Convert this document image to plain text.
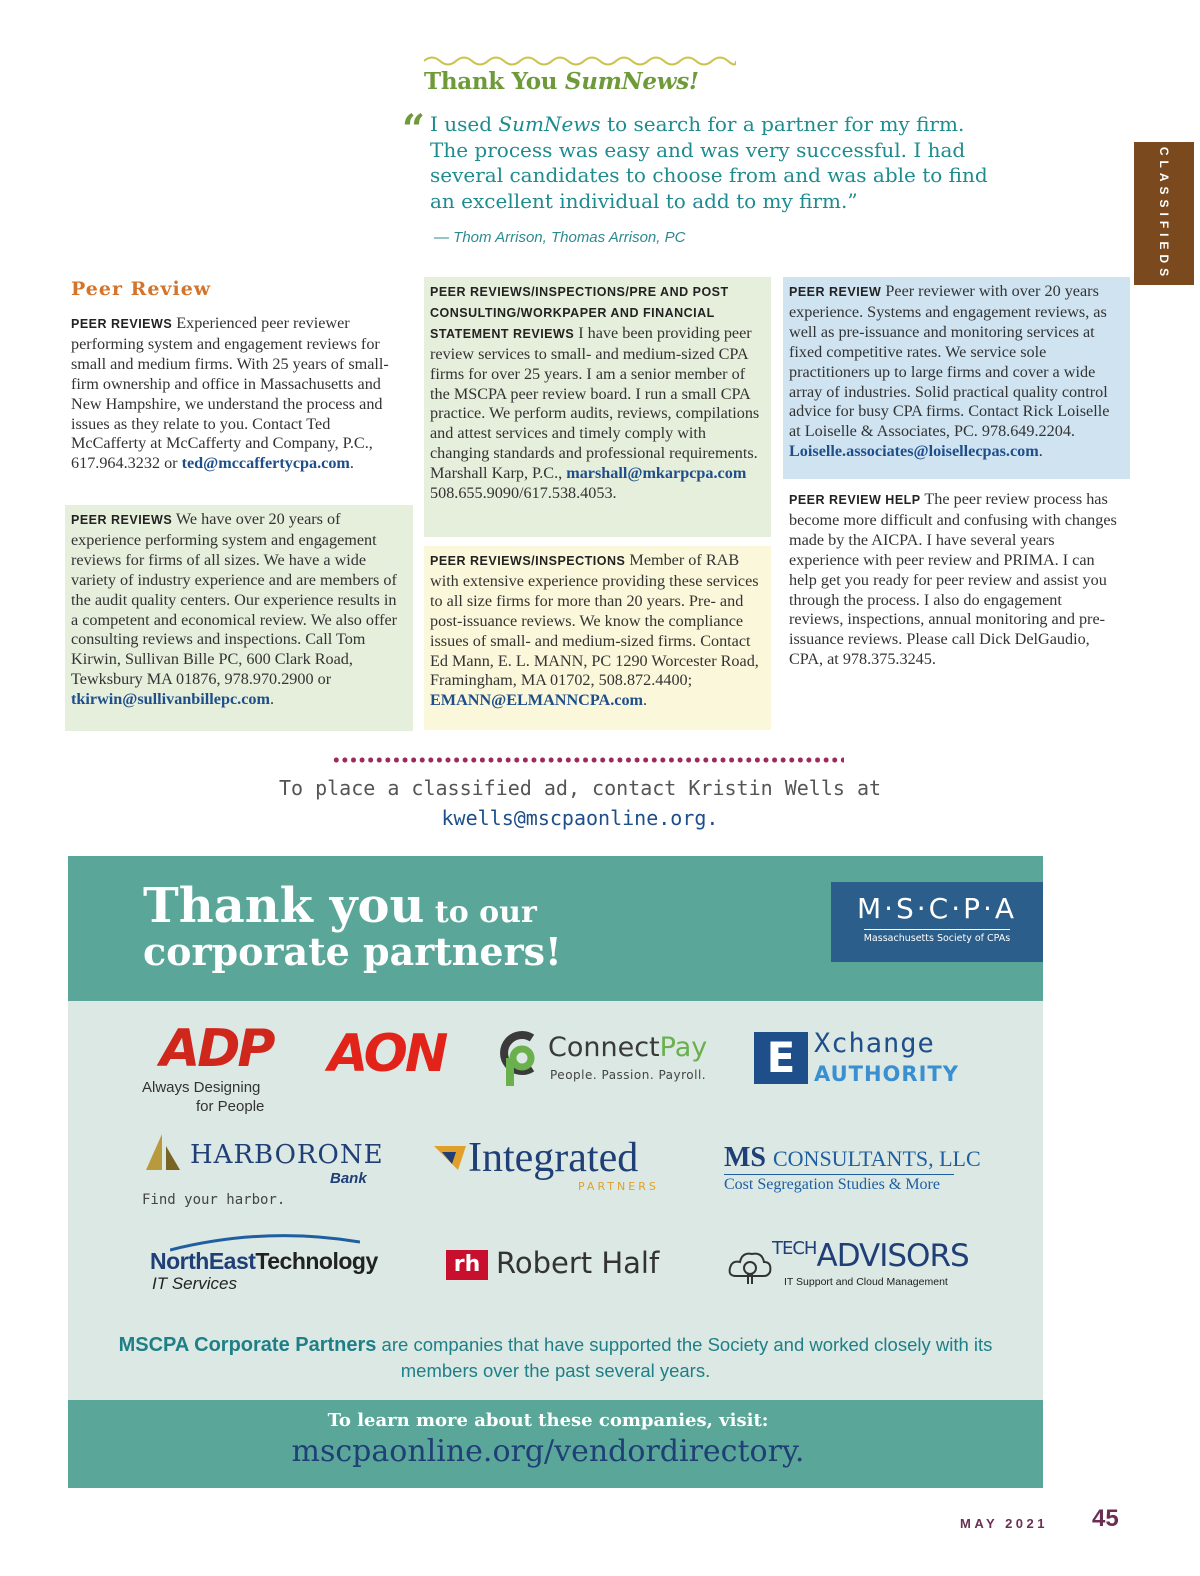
Thank You SumNews!
“ I used SumNews to search for a partner for my firm. The process was easy and was very successful. I had several candidates to choose from and was able to find an excellent individual to add to my firm.”
— Thom Arrison, Thomas Arrison, PC	CLASSIFIEDS
Peer Review
PEER REVIEWS Experienced peer reviewer performing system and engagement reviews for small and medium firms. With 25 years of small-firm ownership and office in Massachusetts and New Hampshire, we understand the process and issues as they relate to you. Contact Ted McCafferty at McCafferty and Company, P.C., 617.964.3232 or ted@mccaffertycpa.com.
PEER REVIEWS We have over 20 years of experience performing system and engagement reviews for firms of all sizes. We have a wide variety of industry experience and are members of the audit quality centers. Our experience results in a competent and economical review. We also offer consulting reviews and inspections. Call Tom Kirwin, Sullivan Bille PC, 600 Clark Road, Tewksbury MA 01876, 978.970.2900 or tkirwin@sullivanbillepc.com.
PEER REVIEWS/INSPECTIONS/PRE AND POST CONSULTING/WORKPAPER AND FINANCIAL STATEMENT REVIEWS I have been providing peer review services to small- and medium-sized CPA firms for over 25 years. I am a senior member of the MSCPA peer review board. I run a small CPA practice. We perform audits, reviews, compilations and attest services and timely comply with changing standards and professional requirements. Marshall Karp, P.C., marshall@mkarpcpa.com 508.655.9090/617.538.4053.
PEER REVIEWS/INSPECTIONS Member of RAB with extensive experience providing these services to all size firms for more than 20 years. Pre- and post-issuance reviews. We know the compliance issues of small- and medium-sized firms. Contact Ed Mann, E. L. MANN, PC 1290 Worcester Road, Framingham, MA 01702, 508.872.4400; EMANN@ELMANNCPA.com.
PEER REVIEW Peer reviewer with over 20 years experience. Systems and engagement reviews, as well as pre-issuance and monitoring services at fixed competitive rates. We service sole practitioners up to large firms and cover a wide array of industries. Solid practical quality control advice for busy CPA firms. Contact Rick Loiselle at Loiselle & Associates, PC. 978.649.2204. Loiselle.associates@loisellecpas.com.
PEER REVIEW HELP The peer review process has become more difficult and confusing with changes made by the AICPA. I have several years experience with peer review and PRIMA. I can help get you ready for peer review and assist you through the process. I also do engagement reviews, inspections, annual monitoring and pre-issuance reviews. Please call Dick DelGaudio, CPA, at 978.375.3245.
To place a classified ad, contact Kristin Wells at
kwells@mscpaonline.org.
Thank you to our
corporate partners!
M·S·C·P·A
Massachusetts Society of CPAs
ADP
Always Designing
for People
AON	ConnectPay
People. Passion. Payroll.	E Xchange
AUTHORITY
HARBORONE
Bank
Find your harbor.
Integrated
PARTNERS
MS CONSULTANTS, LLC
Cost Segregation Studies & More
NorthEastTechnology
IT Services
rh Robert Half	$^{TECH}$ADVISORS
IT Support and Cloud Management
MSCPA Corporate Partners are companies that have supported the Society and worked closely with its members over the past several years.
To learn more about these companies, visit:
mscpaonline.org/vendordirectory.
MAY 2021 45
